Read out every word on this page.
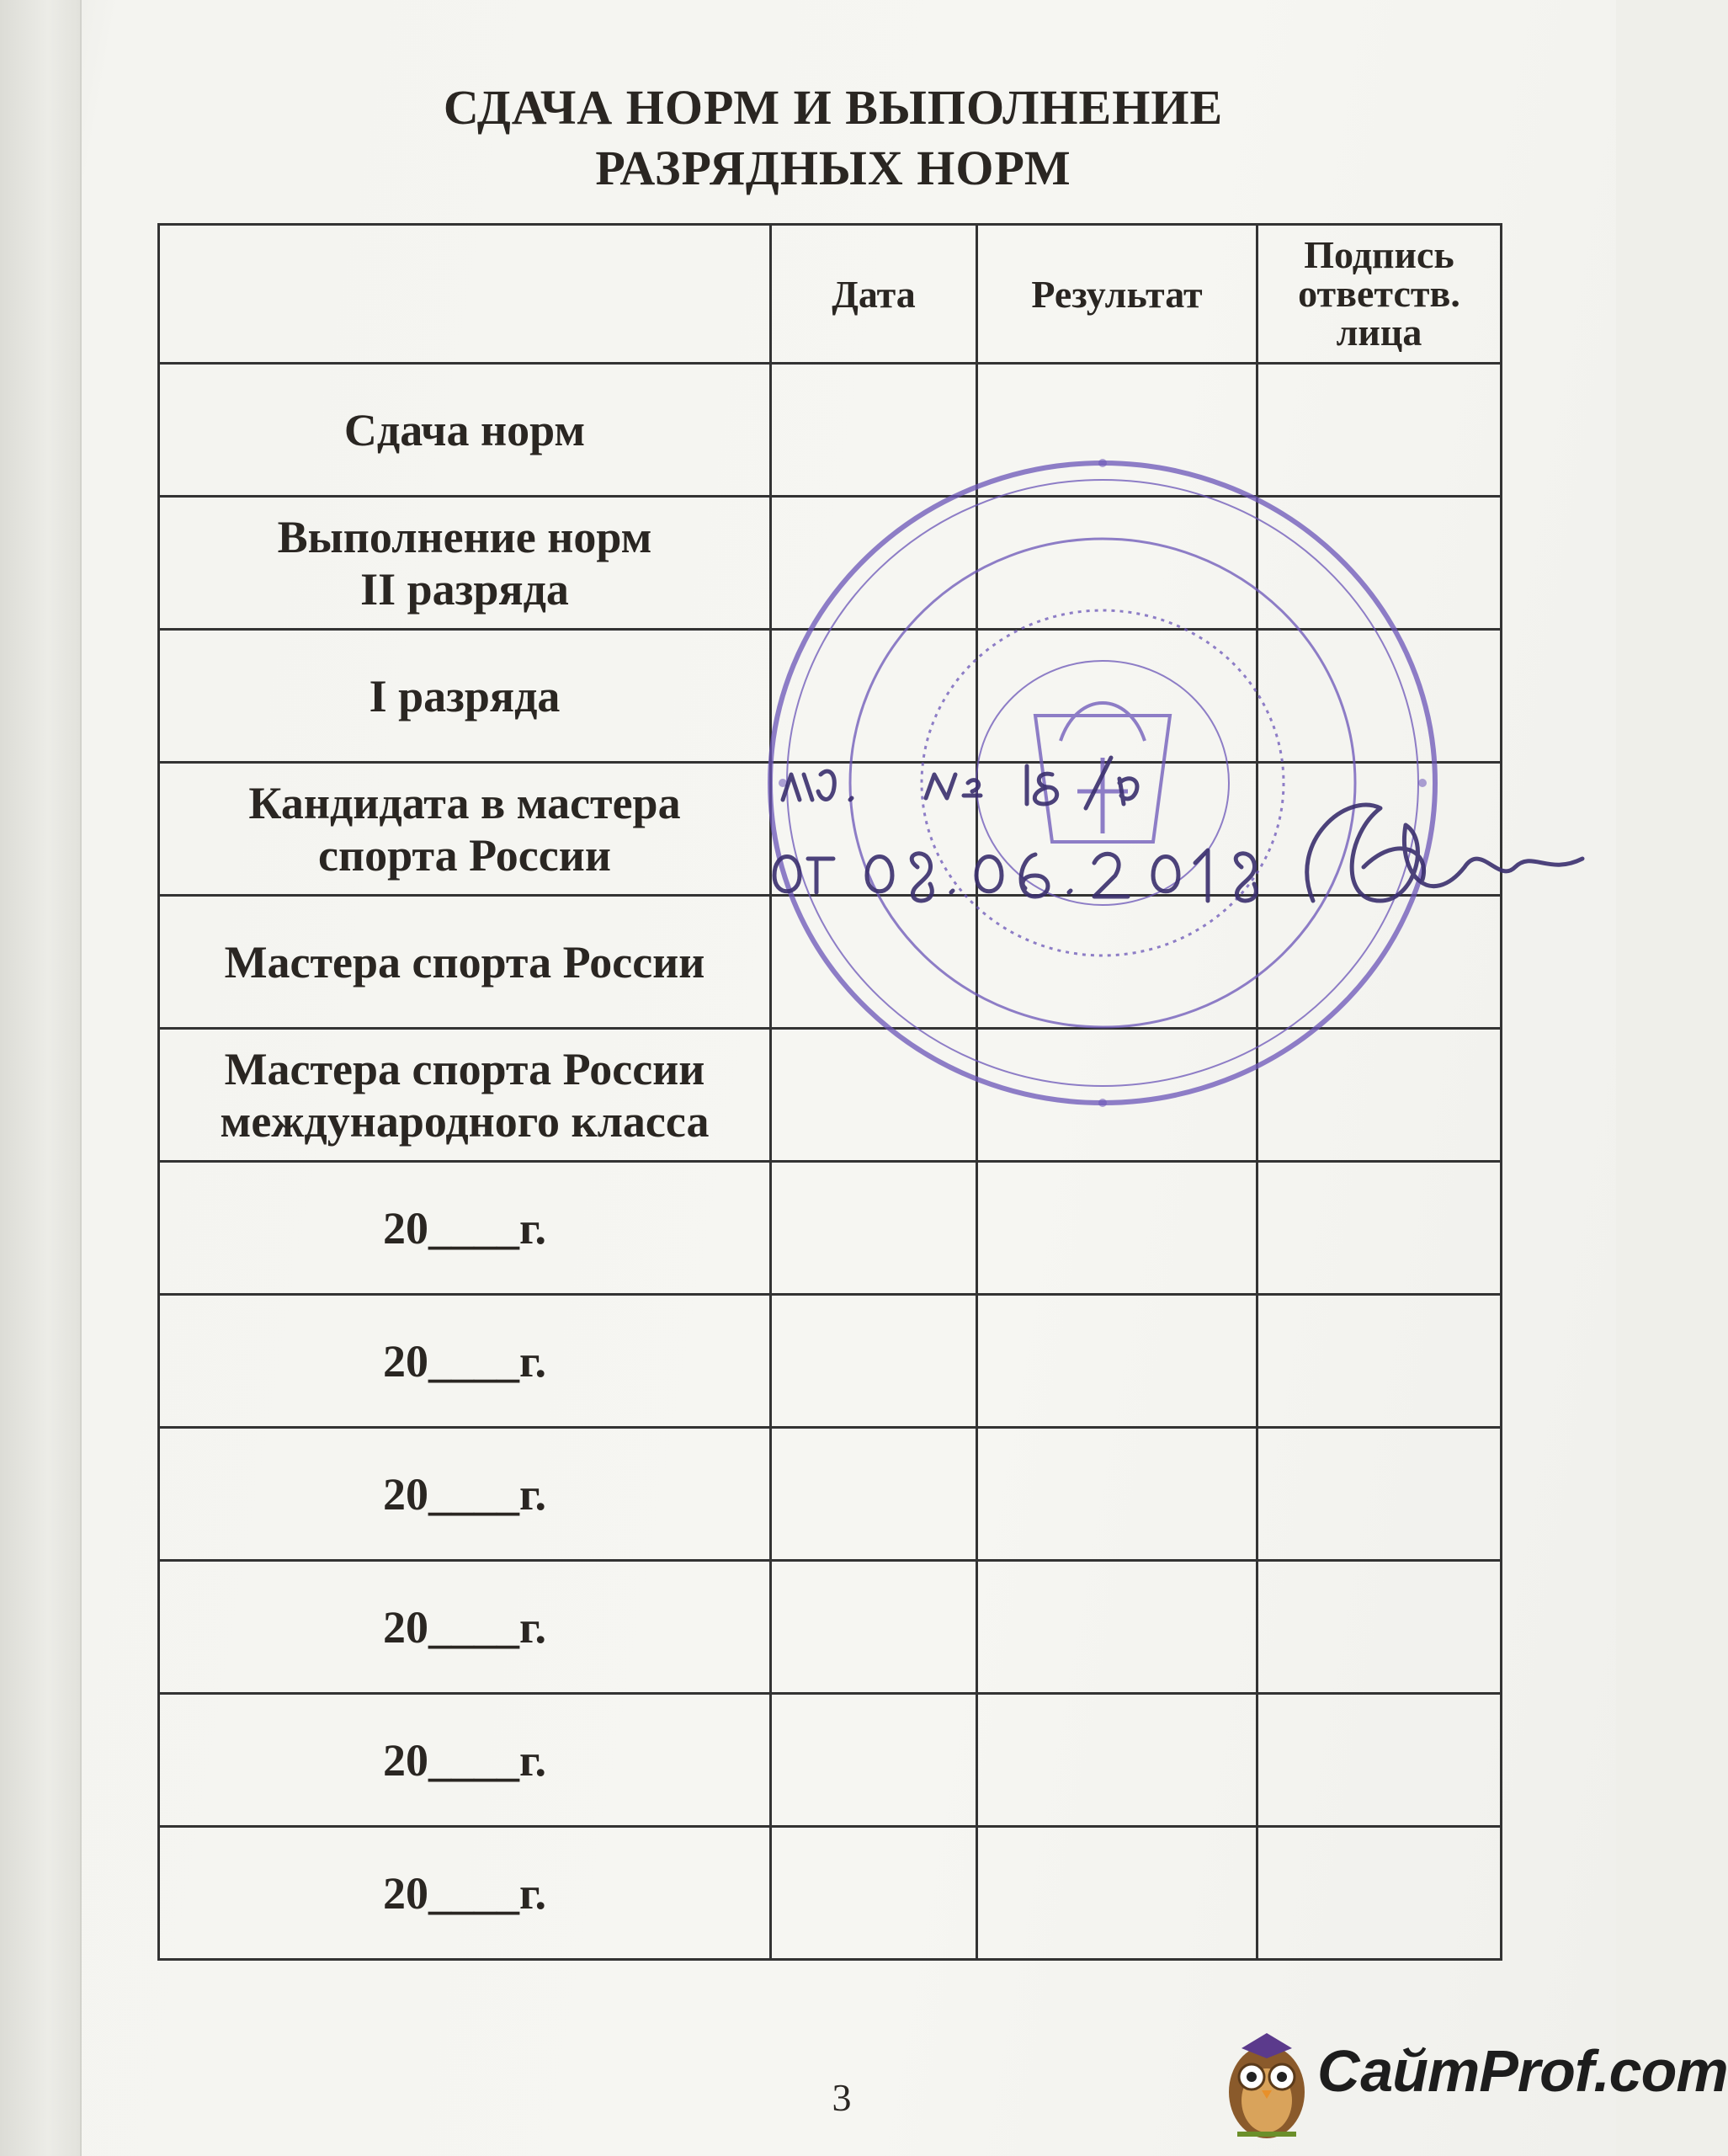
СДАЧА НОРМ И ВЫПОЛНЕНИЕ
РАЗРЯДНЫХ НОРМ
	Дата	Результат	Подпись
ответств.
лица

Сдача норм			

Выполнение норм
II разряда			

I разряда			

Кандидата в мастера
спорта России			

Мастера спорта России			

Мастера спорта России
международного класса			

20____г.			

20____г.			

20____г.			

20____г.			

20____г.			

20____г.			

3	СайтProf.com
